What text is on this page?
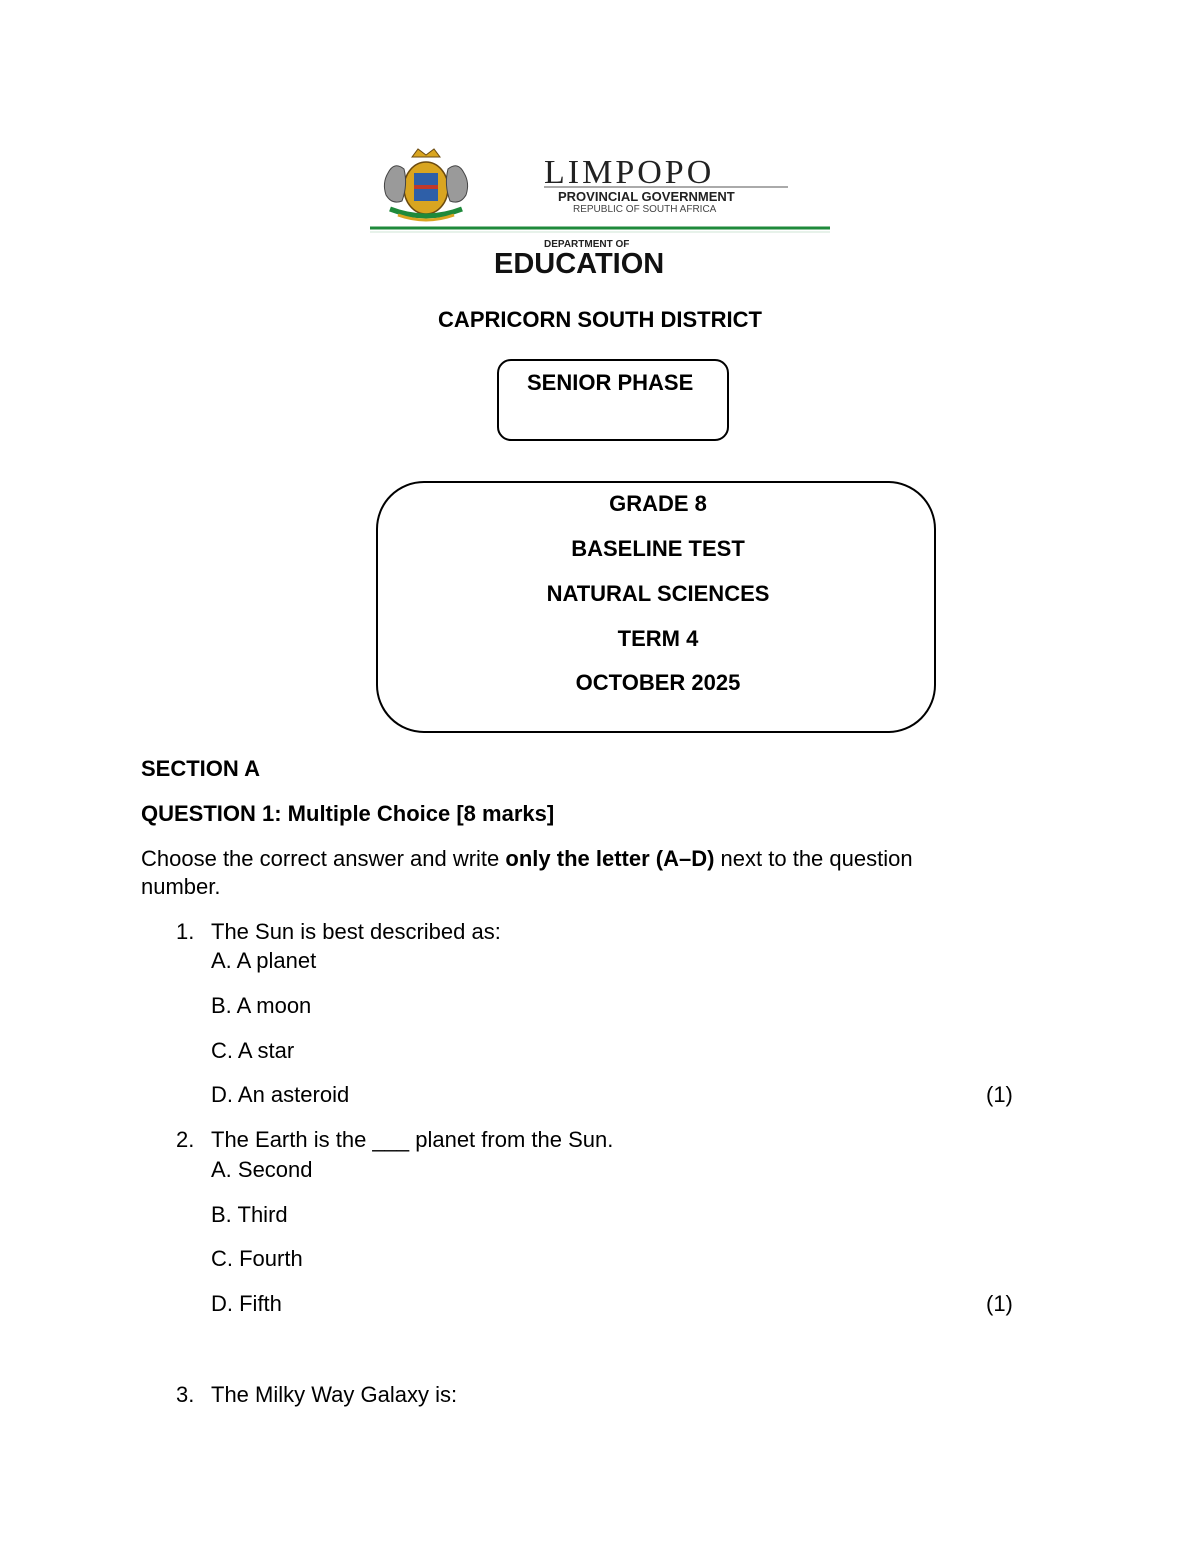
LIMPOPO
PROVINCIAL GOVERNMENT
REPUBLIC OF SOUTH AFRICA
DEPARTMENT OF
EDUCATION
CAPRICORN SOUTH DISTRICT
SENIOR PHASE
GRADE 8
BASELINE TEST
NATURAL SCIENCES
TERM 4
OCTOBER 2025
SECTION A
QUESTION 1: Multiple Choice [8 marks]
Choose the correct answer and write only the letter (A–D) next to the question
number.
1. The Sun is best described as:
A. A planet
B. A moon
C. A star
D. An asteroid	(1)
2. The Earth is the ___ planet from the Sun.
A. Second
B. Third
C. Fourth
D. Fifth	(1)
3. The Milky Way Galaxy is:
